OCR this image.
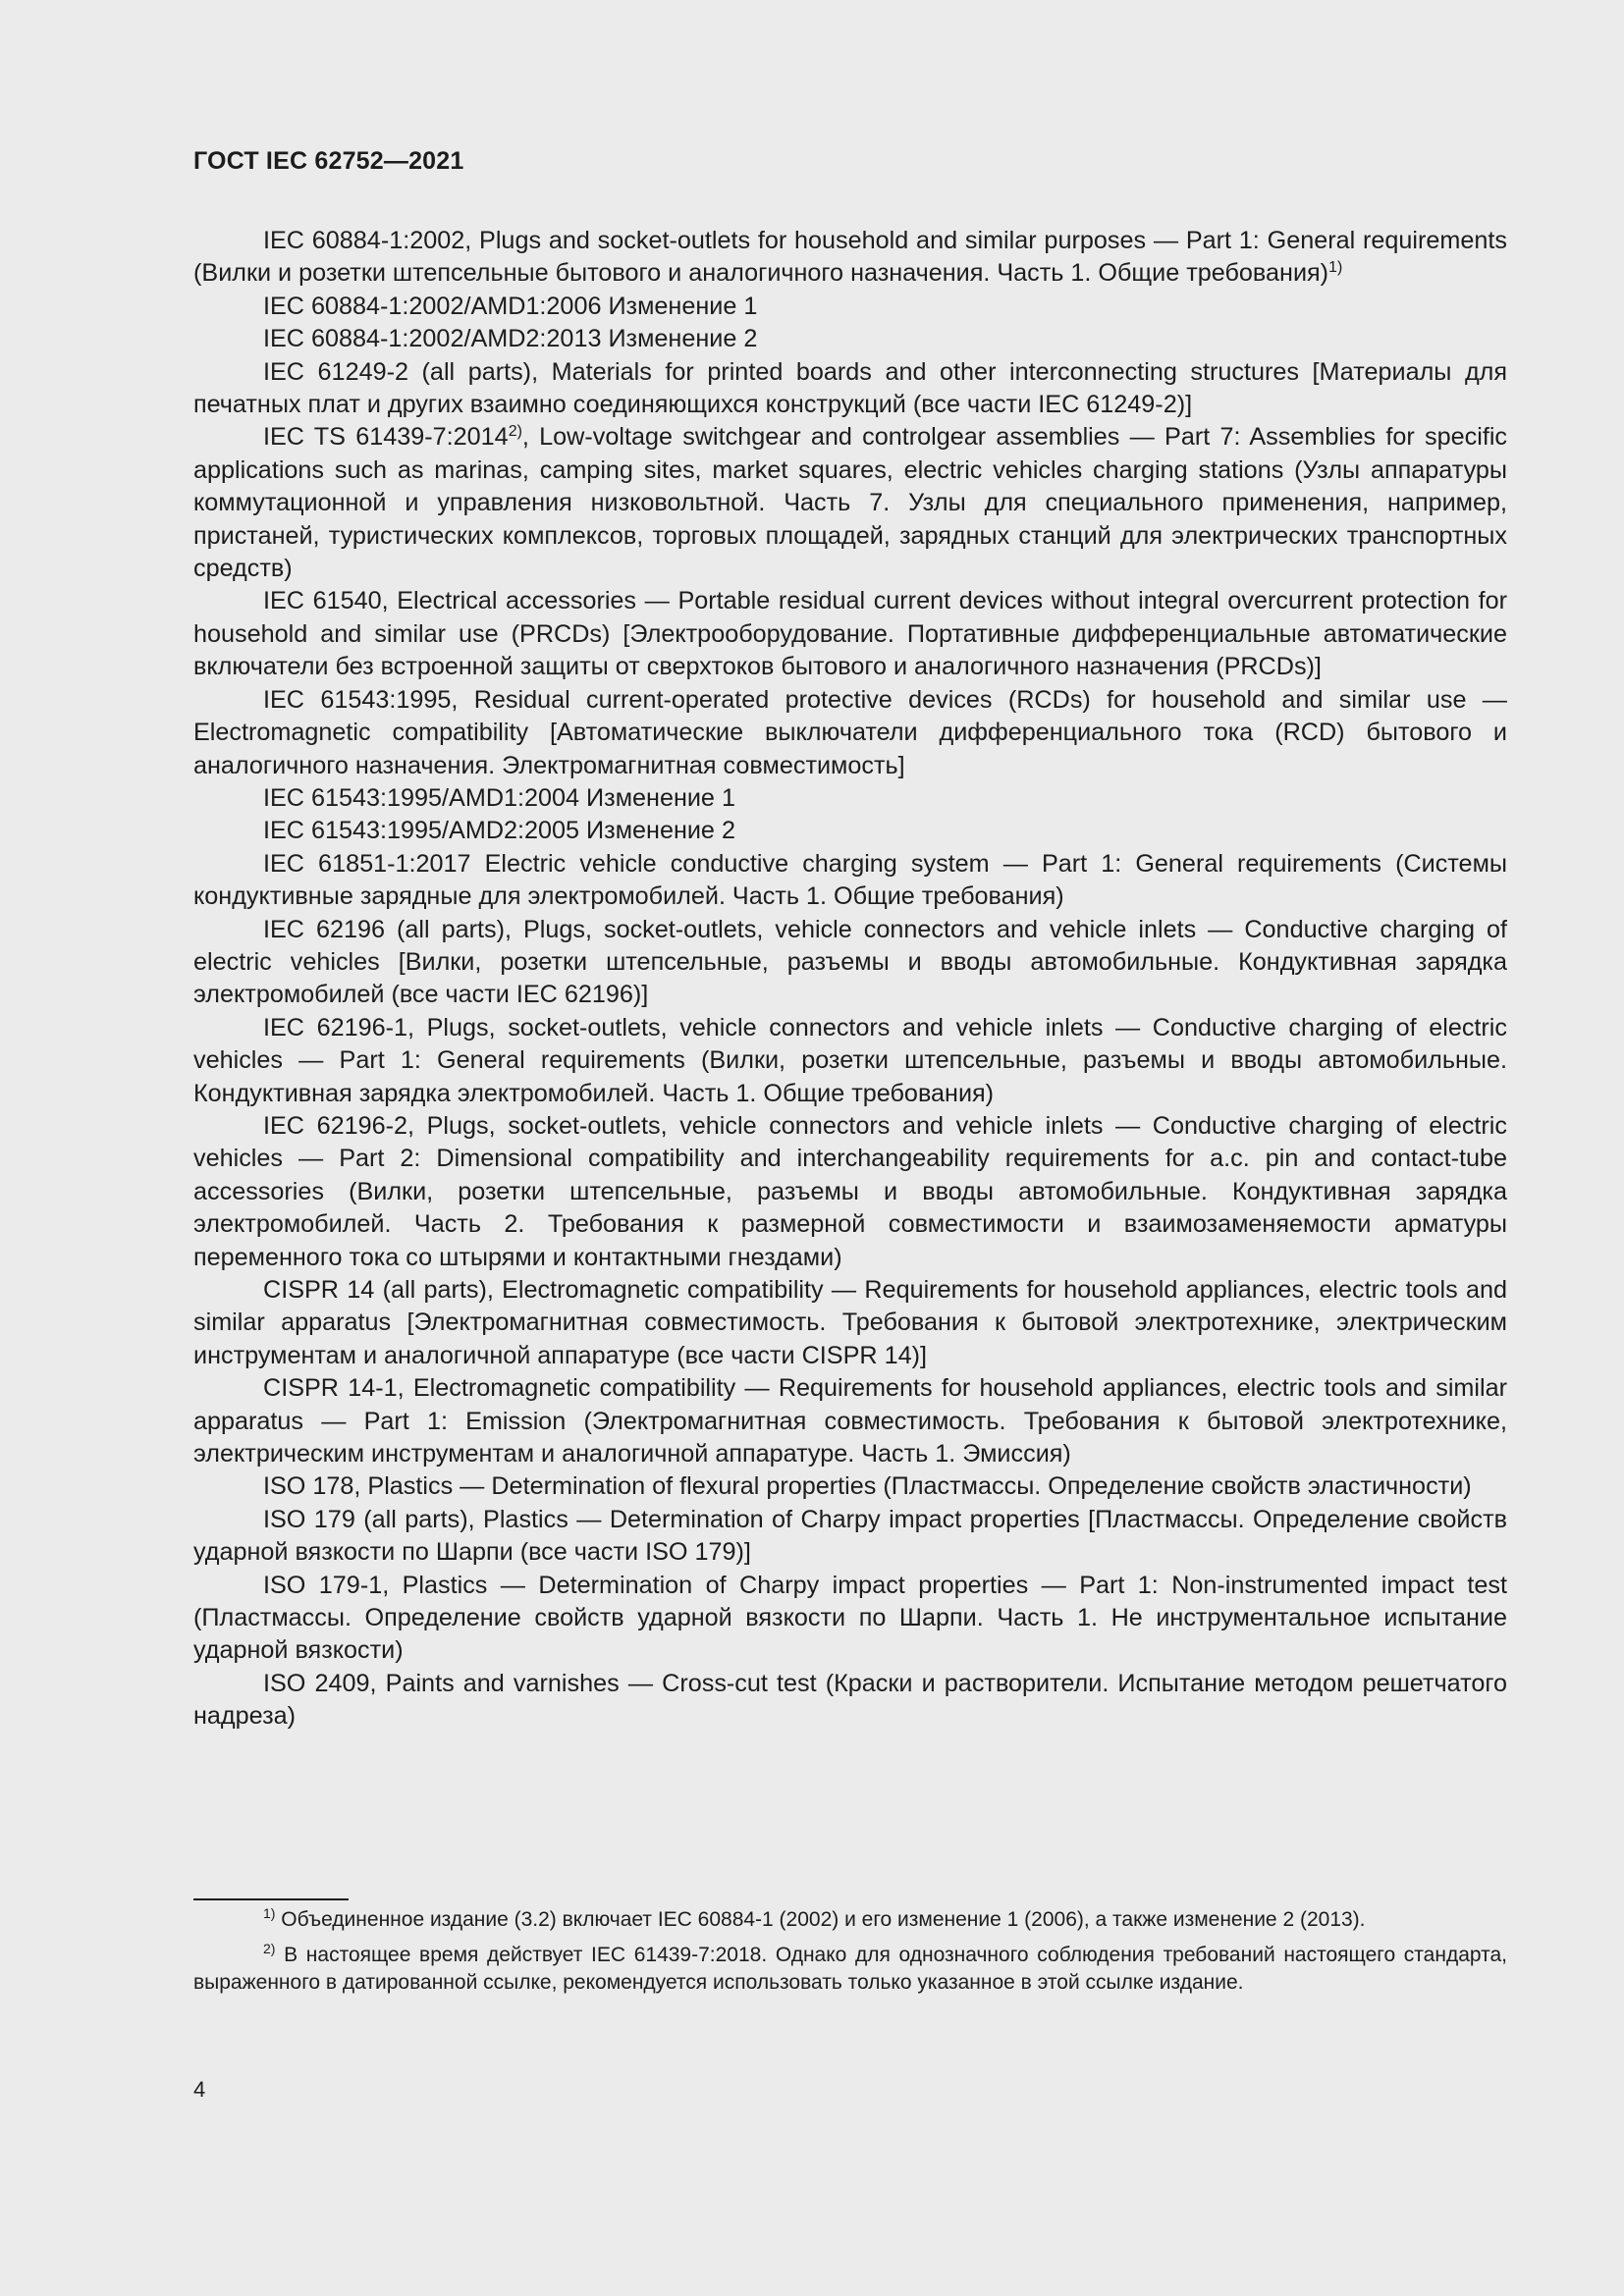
ГОСТ IEC 62752—2021

IEC 60884-1:2002, Plugs and socket-outlets for household and similar purposes — Part 1: General requirements (Вилки и розетки штепсельные бытового и аналогичного назначения. Часть 1. Общие требования)$^{1)}$

IEC 60884-1:2002/AMD1:2006 Изменение 1

IEC 60884-1:2002/AMD2:2013 Изменение 2

IEC 61249-2 (all parts), Materials for printed boards and other interconnecting structures [Материалы для печатных плат и других взаимно соединяющихся конструкций (все части IEC 61249-2)]

IEC TS 61439-7:2014$^{2)}$, Low-voltage switchgear and controlgear assemblies — Part 7: Assemblies for specific applications such as marinas, camping sites, market squares, electric vehicles charging stations (Узлы аппаратуры коммутационной и управления низковольтной. Часть 7. Узлы для специального применения, например, пристаней, туристических комплексов, торговых площадей, зарядных станций для электрических транспортных средств)

IEC 61540, Electrical accessories — Portable residual current devices without integral overcurrent protection for household and similar use (PRCDs) [Электрооборудование. Портативные дифференциальные автоматические включатели без встроенной защиты от сверхтоков бытового и аналогичного назначения (PRCDs)]

IEC 61543:1995, Residual current-operated protective devices (RCDs) for household and similar use — Electromagnetic compatibility [Автоматические выключатели дифференциального тока (RCD) бытового и аналогичного назначения. Электромагнитная совместимость]

IEC 61543:1995/AMD1:2004 Изменение 1

IEC 61543:1995/AMD2:2005 Изменение 2

IEC 61851-1:2017 Electric vehicle conductive charging system — Part 1: General requirements (Системы кондуктивные зарядные для электромобилей. Часть 1. Общие требования)

IEC 62196 (all parts), Plugs, socket-outlets, vehicle connectors and vehicle inlets — Conductive charging of electric vehicles [Вилки, розетки штепсельные, разъемы и вводы автомобильные. Кондуктивная зарядка электромобилей (все части IEC 62196)]

IEC 62196-1, Plugs, socket-outlets, vehicle connectors and vehicle inlets — Conductive charging of electric vehicles — Part 1: General requirements (Вилки, розетки штепсельные, разъемы и вводы автомобильные. Кондуктивная зарядка электромобилей. Часть 1. Общие требования)

IEC 62196-2, Plugs, socket-outlets, vehicle connectors and vehicle inlets — Conductive charging of electric vehicles — Part 2: Dimensional compatibility and interchangeability requirements for a.c. pin and contact-tube accessories (Вилки, розетки штепсельные, разъемы и вводы автомобильные. Кондуктивная зарядка электромобилей. Часть 2. Требования к размерной совместимости и взаимозаменяемости арматуры переменного тока со штырями и контактными гнездами)

CISPR 14 (all parts), Electromagnetic compatibility — Requirements for household appliances, electric tools and similar apparatus [Электромагнитная совместимость. Требования к бытовой электротехнике, электрическим инструментам и аналогичной аппаратуре (все части CISPR 14)]

CISPR 14-1, Electromagnetic compatibility — Requirements for household appliances, electric tools and similar apparatus — Part 1: Emission (Электромагнитная совместимость. Требования к бытовой электротехнике, электрическим инструментам и аналогичной аппаратуре. Часть 1. Эмиссия)

ISO 178, Plastics — Determination of flexural properties (Пластмассы. Определение свойств эластичности)

ISO 179 (all parts), Plastics — Determination of Charpy impact properties [Пластмассы. Определение свойств ударной вязкости по Шарпи (все части ISO 179)]

ISO 179-1, Plastics — Determination of Charpy impact properties — Part 1: Non-instrumented impact test (Пластмассы. Определение свойств ударной вязкости по Шарпи. Часть 1. Не инструментальное испытание ударной вязкости)

ISO 2409, Paints and varnishes — Cross-cut test (Краски и растворители. Испытание методом решетчатого надреза)

$^{1)}$ Объединенное издание (3.2) включает IEC 60884-1 (2002) и его изменение 1 (2006), а также изменение 2 (2013).

$^{2)}$ В настоящее время действует IEC 61439-7:2018. Однако для однозначного соблюдения требований настоящего стандарта, выраженного в датированной ссылке, рекомендуется использовать только указанное в этой ссылке издание.

4
